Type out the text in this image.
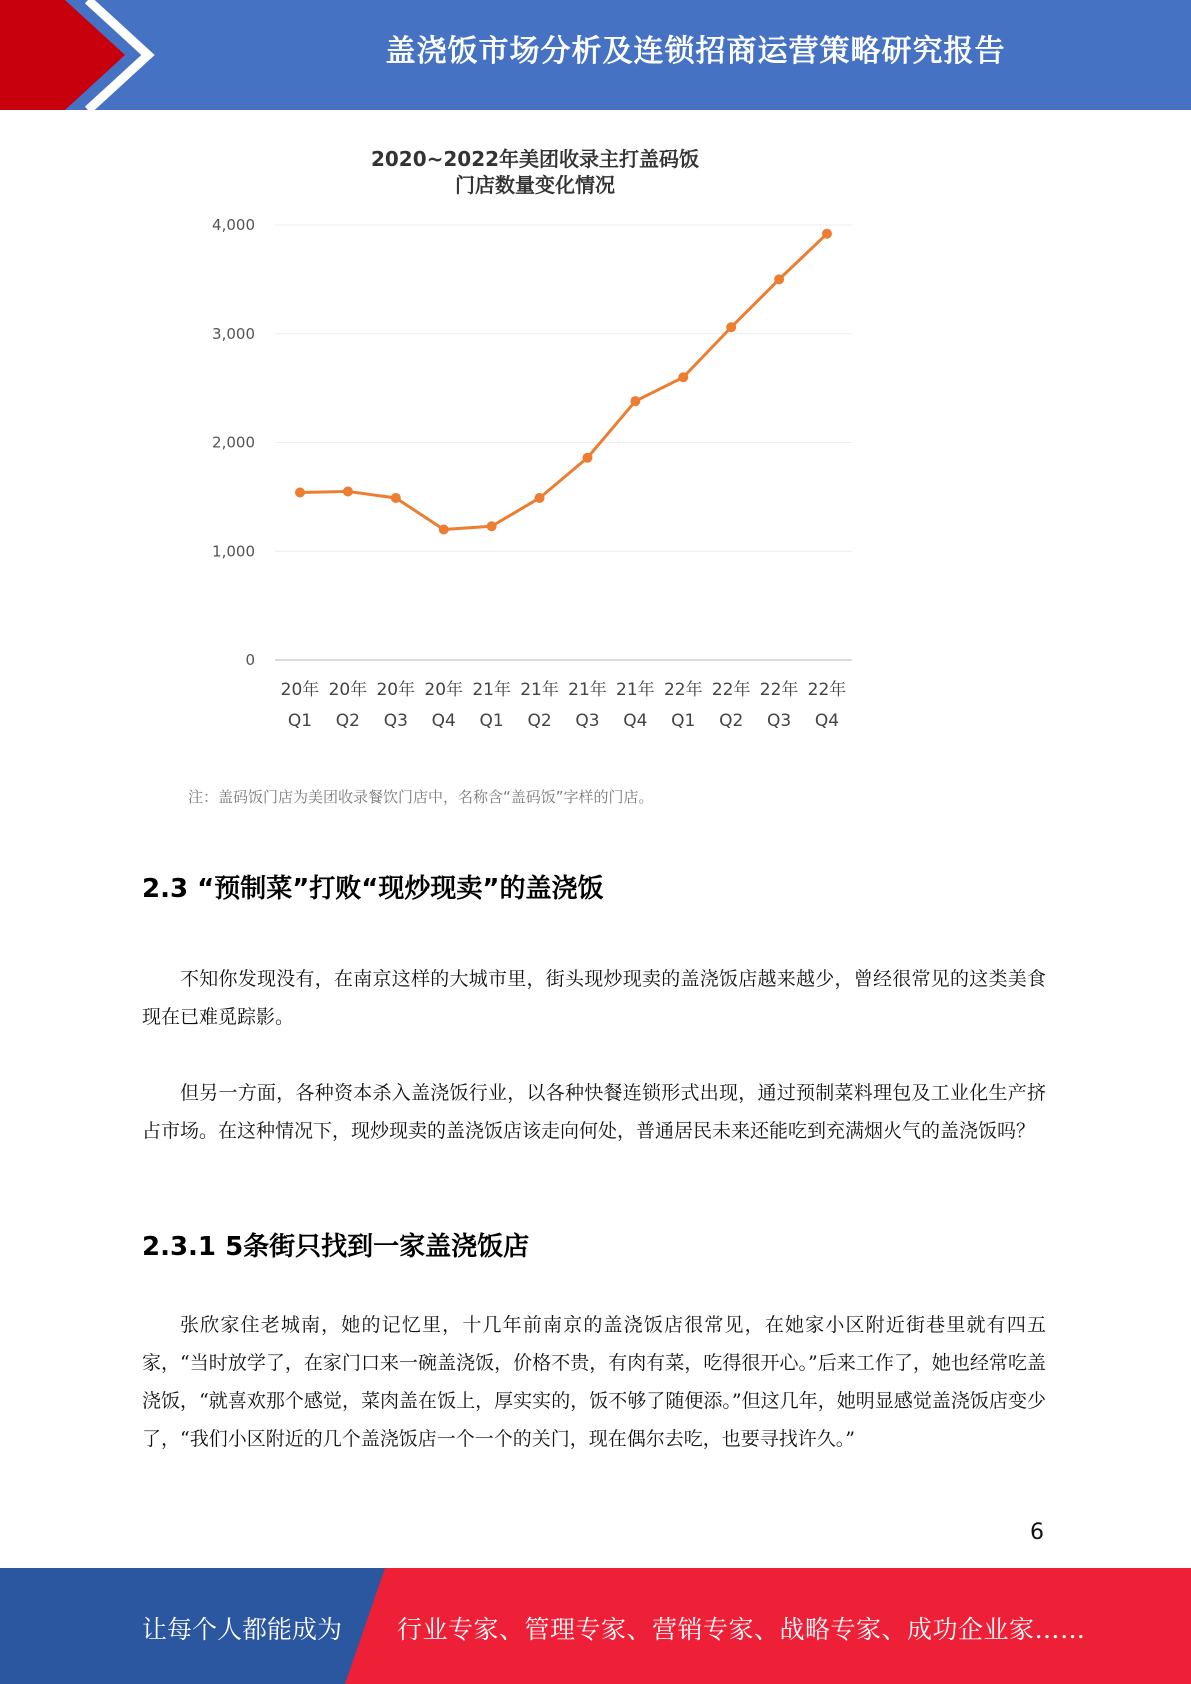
盖浇饭市场分析及连锁招商运营策略研究报告
2020~2022年美团收录主打盖码饭
门店数量变化情况
0
1,000
2,000
3,000
4,000
20年
Q1
20年
Q2
20年
Q3
20年
Q4
21年
Q1
21年
Q2
21年
Q3
21年
Q4
22年
Q1
22年
Q2
22年
Q3
22年
Q4
注：盖码饭门店为美团收录餐饮门店中，名称含“盖码饭”字样的门店。
2.3 “预制菜”打败“现炒现卖”的盖浇饭
不知你发现没有，在南京这样的大城市里，街头现炒现卖的盖浇饭店越来越少，曾经很常见的这类美食现在已难觅踪影。
但另一方面，各种资本杀入盖浇饭行业，以各种快餐连锁形式出现，通过预制菜料理包及工业化生产挤占市场。在这种情况下，现炒现卖的盖浇饭店该走向何处，普通居民未来还能吃到充满烟火气的盖浇饭吗？
2.3.1 5条街只找到一家盖浇饭店
张欣家住老城南，她的记忆里，十几年前南京的盖浇饭店很常见，在她家小区附近街巷里就有四五家，“当时放学了，在家门口来一碗盖浇饭，价格不贵，有肉有菜，吃得很开心。”后来工作了，她也经常吃盖浇饭，“就喜欢那个感觉，菜肉盖在饭上，厚实实的，饭不够了随便添。”但这几年，她明显感觉盖浇饭店变少了，“我们小区附近的几个盖浇饭店一个一个的关门，现在偶尔去吃，也要寻找许久。”
6
让每个人都能成为 行业专家、管理专家、营销专家、战略专家、成功企业家……
